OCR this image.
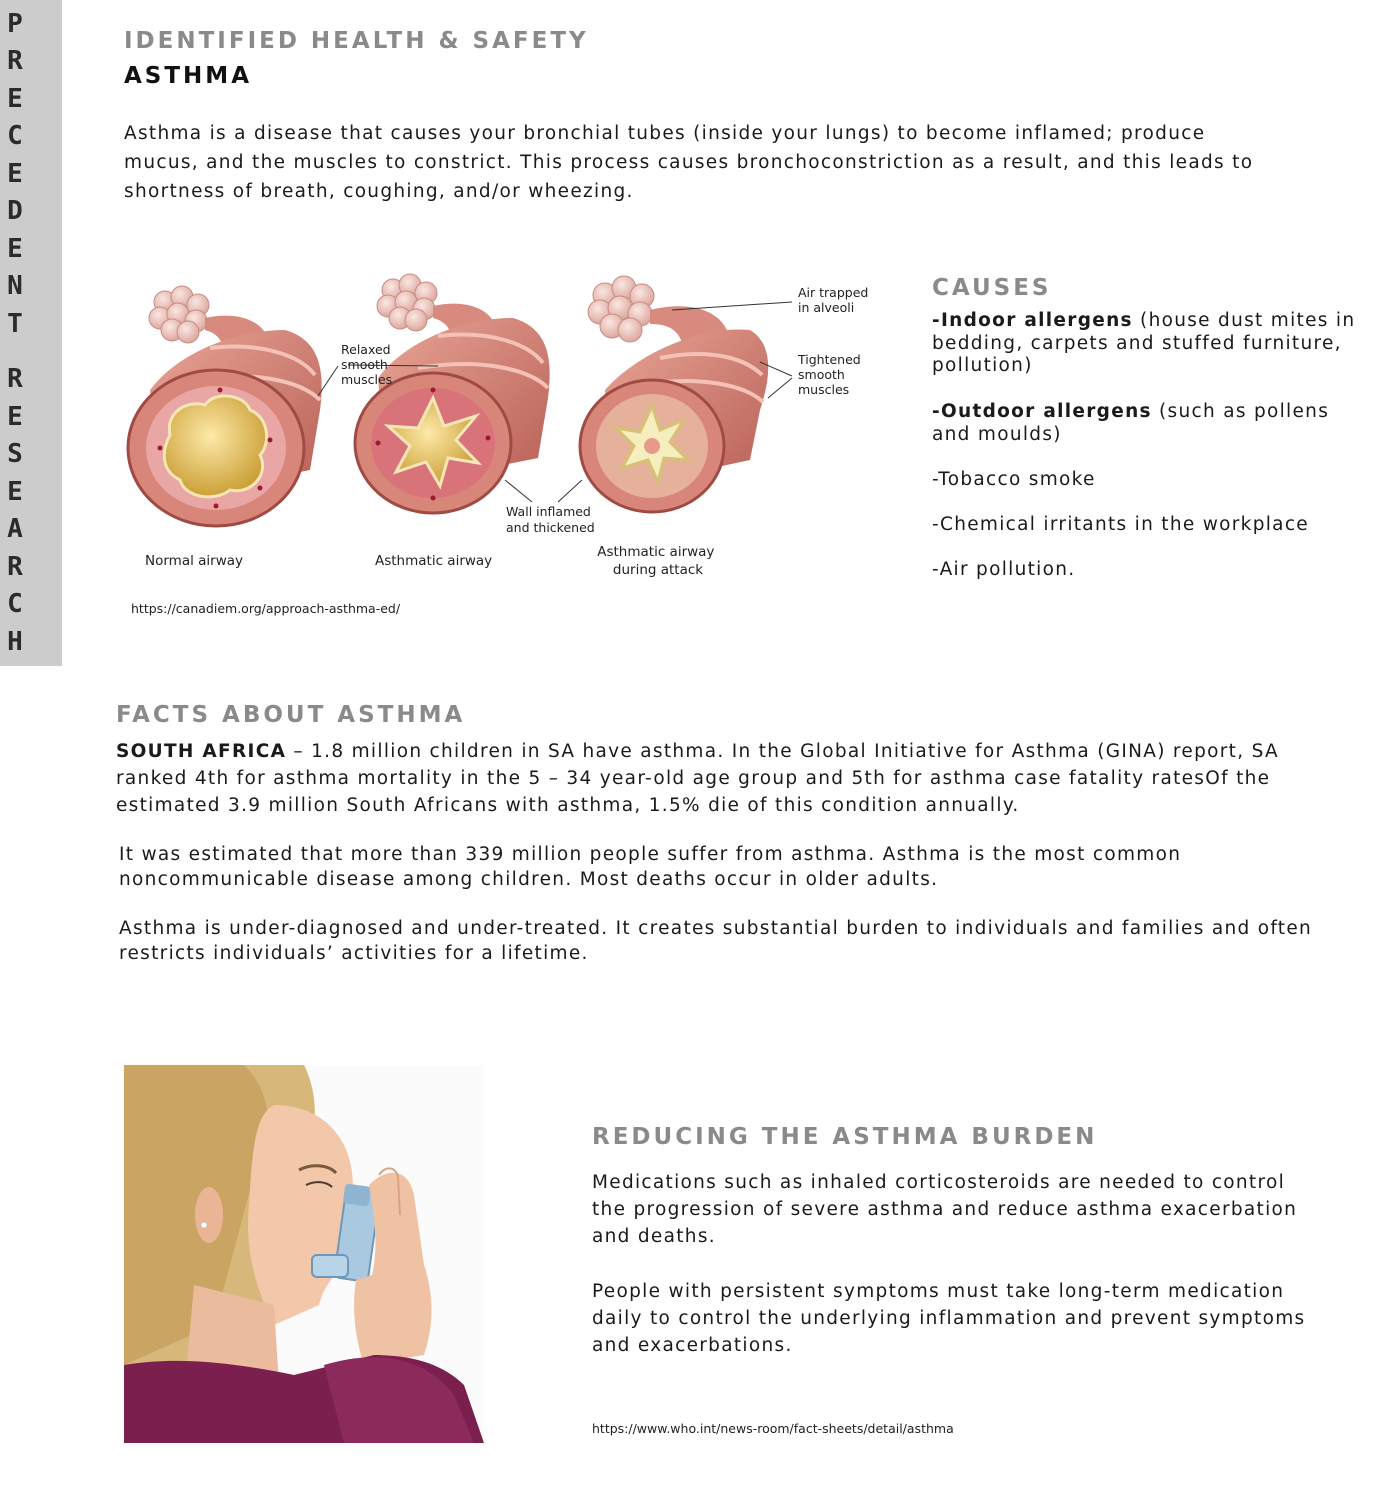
P
R
E
C
E
D
E
N
T
R
E
S
E
A
R
C
H
IDENTIFIED HEALTH & SAFETY
ASTHMA

Asthma is a disease that causes your bronchial tubes (inside your lungs) to become inflamed; produce mucus, and the muscles to constrict. This process causes bronchoconstriction as a result, and this leads to shortness of breath, coughing, and/or wheezing.

Relaxed smooth muscles
Air trapped in alveoli
Tightened smooth muscles
Wall inflamed and thickened
Normal airway	Asthmatic airway
Asthmatic airway during attack
https://canadiem.org/approach-asthma-ed/
CAUSES

-Indoor allergens (house dust mites in bedding, carpets and stuffed furniture, pollution)

-Outdoor allergens (such as pollens and moulds)

-Tobacco smoke

-Chemical irritants in the workplace

-Air pollution.

FACTS ABOUT ASTHMA

SOUTH AFRICA – 1.8 million children in SA have asthma. In the Global Initiative for Asthma (GINA) report, SA ranked 4th for asthma mortality in the 5 – 34 year-old age group and 5th for asthma case fatality ratesOf the estimated 3.9 million South Africans with asthma, 1.5% die of this condition annually.

It was estimated that more than 339 million people suffer from asthma. Asthma is the most common noncommunicable disease among children. Most deaths occur in older adults.

Asthma is under-diagnosed and under-treated. It creates substantial burden to individuals and families and often restricts individuals’ activities for a lifetime.

REDUCING THE ASTHMA BURDEN

Medications such as inhaled corticosteroids are needed to control the progression of severe asthma and reduce asthma exacerbation and deaths.

People with persistent symptoms must take long-term medication daily to control the underlying inflammation and prevent symptoms and exacerbations.

https://www.who.int/news-room/fact-sheets/detail/asthma
